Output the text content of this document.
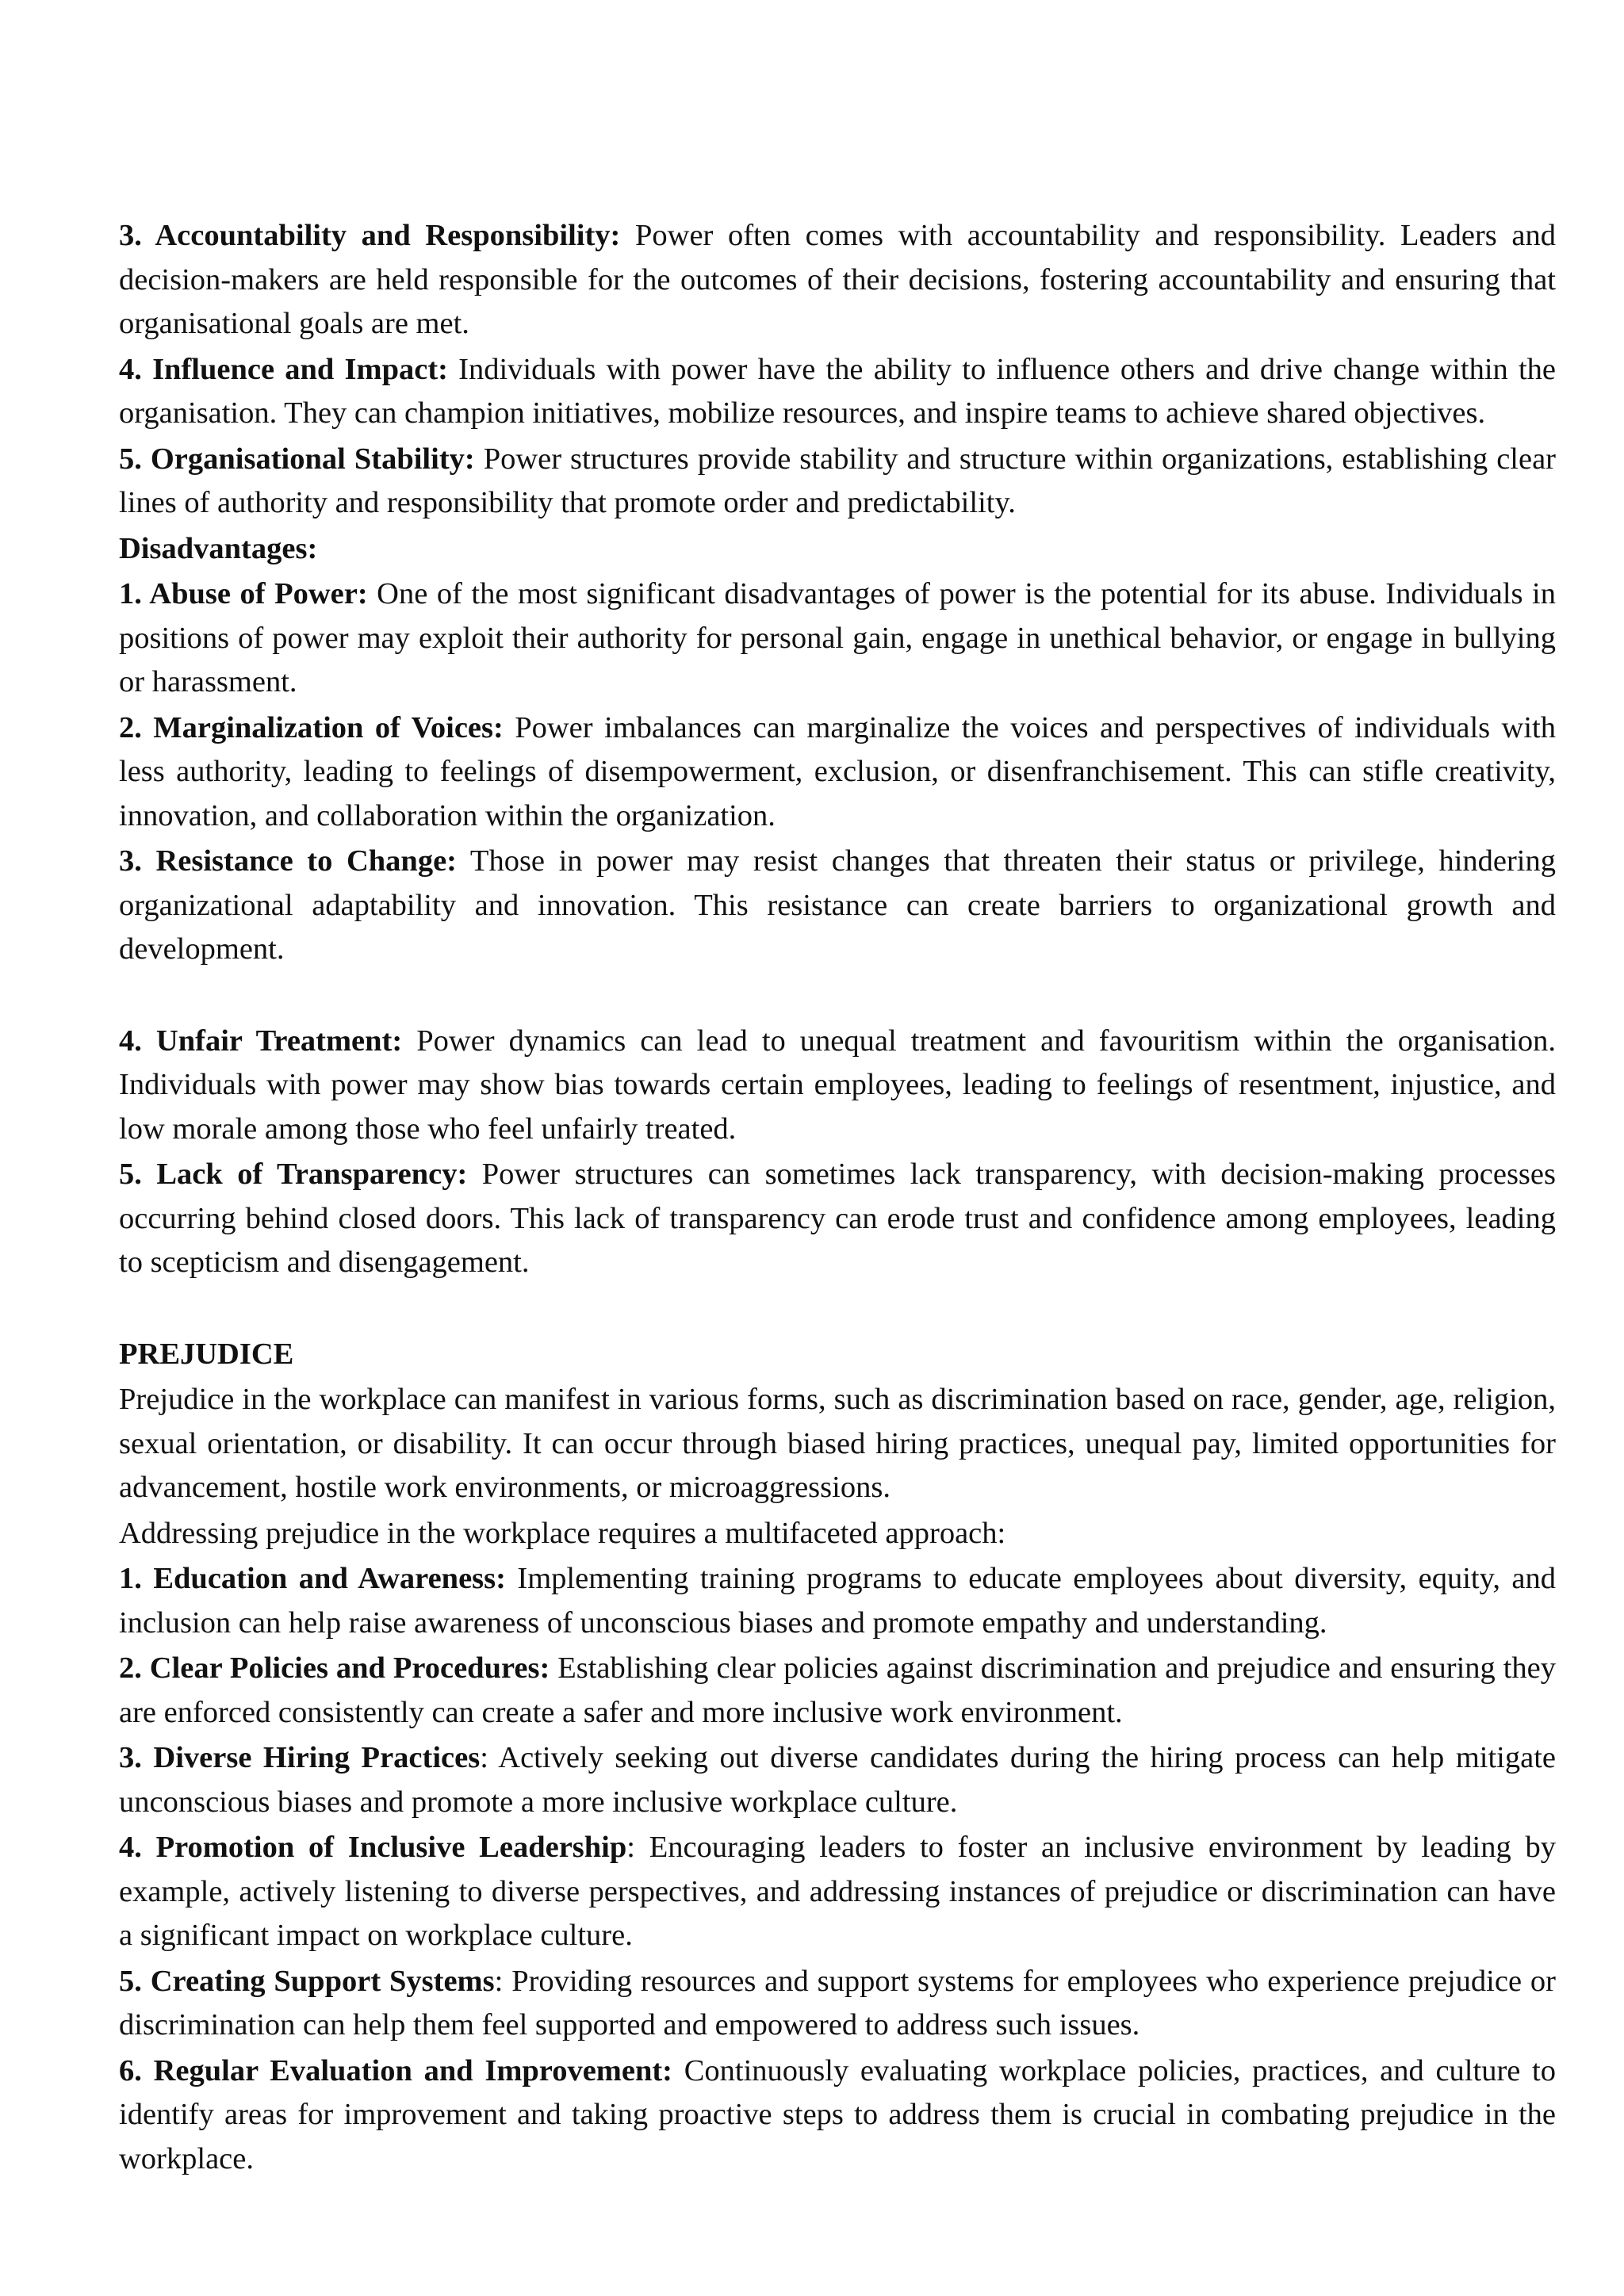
3. Accountability and Responsibility: Power often comes with accountability and responsibility. Leaders and decision-makers are held responsible for the outcomes of their decisions, fostering accountability and ensuring that organisational goals are met.

4. Influence and Impact: Individuals with power have the ability to influence others and drive change within the organisation. They can champion initiatives, mobilize resources, and inspire teams to achieve shared objectives.

5. Organisational Stability: Power structures provide stability and structure within organizations, establishing clear lines of authority and responsibility that promote order and predictability.

Disadvantages:

1. Abuse of Power: One of the most significant disadvantages of power is the potential for its abuse. Individuals in positions of power may exploit their authority for personal gain, engage in unethical behavior, or engage in bullying or harassment.

2. Marginalization of Voices: Power imbalances can marginalize the voices and perspectives of individuals with less authority, leading to feelings of disempowerment, exclusion, or disenfranchisement. This can stifle creativity, innovation, and collaboration within the organization.

3. Resistance to Change: Those in power may resist changes that threaten their status or privilege, hindering organizational adaptability and innovation. This resistance can create barriers to organizational growth and development.

4. Unfair Treatment: Power dynamics can lead to unequal treatment and favouritism within the organisation. Individuals with power may show bias towards certain employees, leading to feelings of resentment, injustice, and low morale among those who feel unfairly treated.

5. Lack of Transparency: Power structures can sometimes lack transparency, with decision-making processes occurring behind closed doors. This lack of transparency can erode trust and confidence among employees, leading to scepticism and disengagement.

PREJUDICE

Prejudice in the workplace can manifest in various forms, such as discrimination based on race, gender, age, religion, sexual orientation, or disability. It can occur through biased hiring practices, unequal pay, limited opportunities for advancement, hostile work environments, or microaggressions.

Addressing prejudice in the workplace requires a multifaceted approach:

1. Education and Awareness: Implementing training programs to educate employees about diversity, equity, and inclusion can help raise awareness of unconscious biases and promote empathy and understanding.

2. Clear Policies and Procedures: Establishing clear policies against discrimination and prejudice and ensuring they are enforced consistently can create a safer and more inclusive work environment.

3. Diverse Hiring Practices: Actively seeking out diverse candidates during the hiring process can help mitigate unconscious biases and promote a more inclusive workplace culture.

4. Promotion of Inclusive Leadership: Encouraging leaders to foster an inclusive environment by leading by example, actively listening to diverse perspectives, and addressing instances of prejudice or discrimination can have a significant impact on workplace culture.

5. Creating Support Systems: Providing resources and support systems for employees who experience prejudice or discrimination can help them feel supported and empowered to address such issues.

6. Regular Evaluation and Improvement: Continuously evaluating workplace policies, practices, and culture to identify areas for improvement and taking proactive steps to address them is crucial in combating prejudice in the workplace.
